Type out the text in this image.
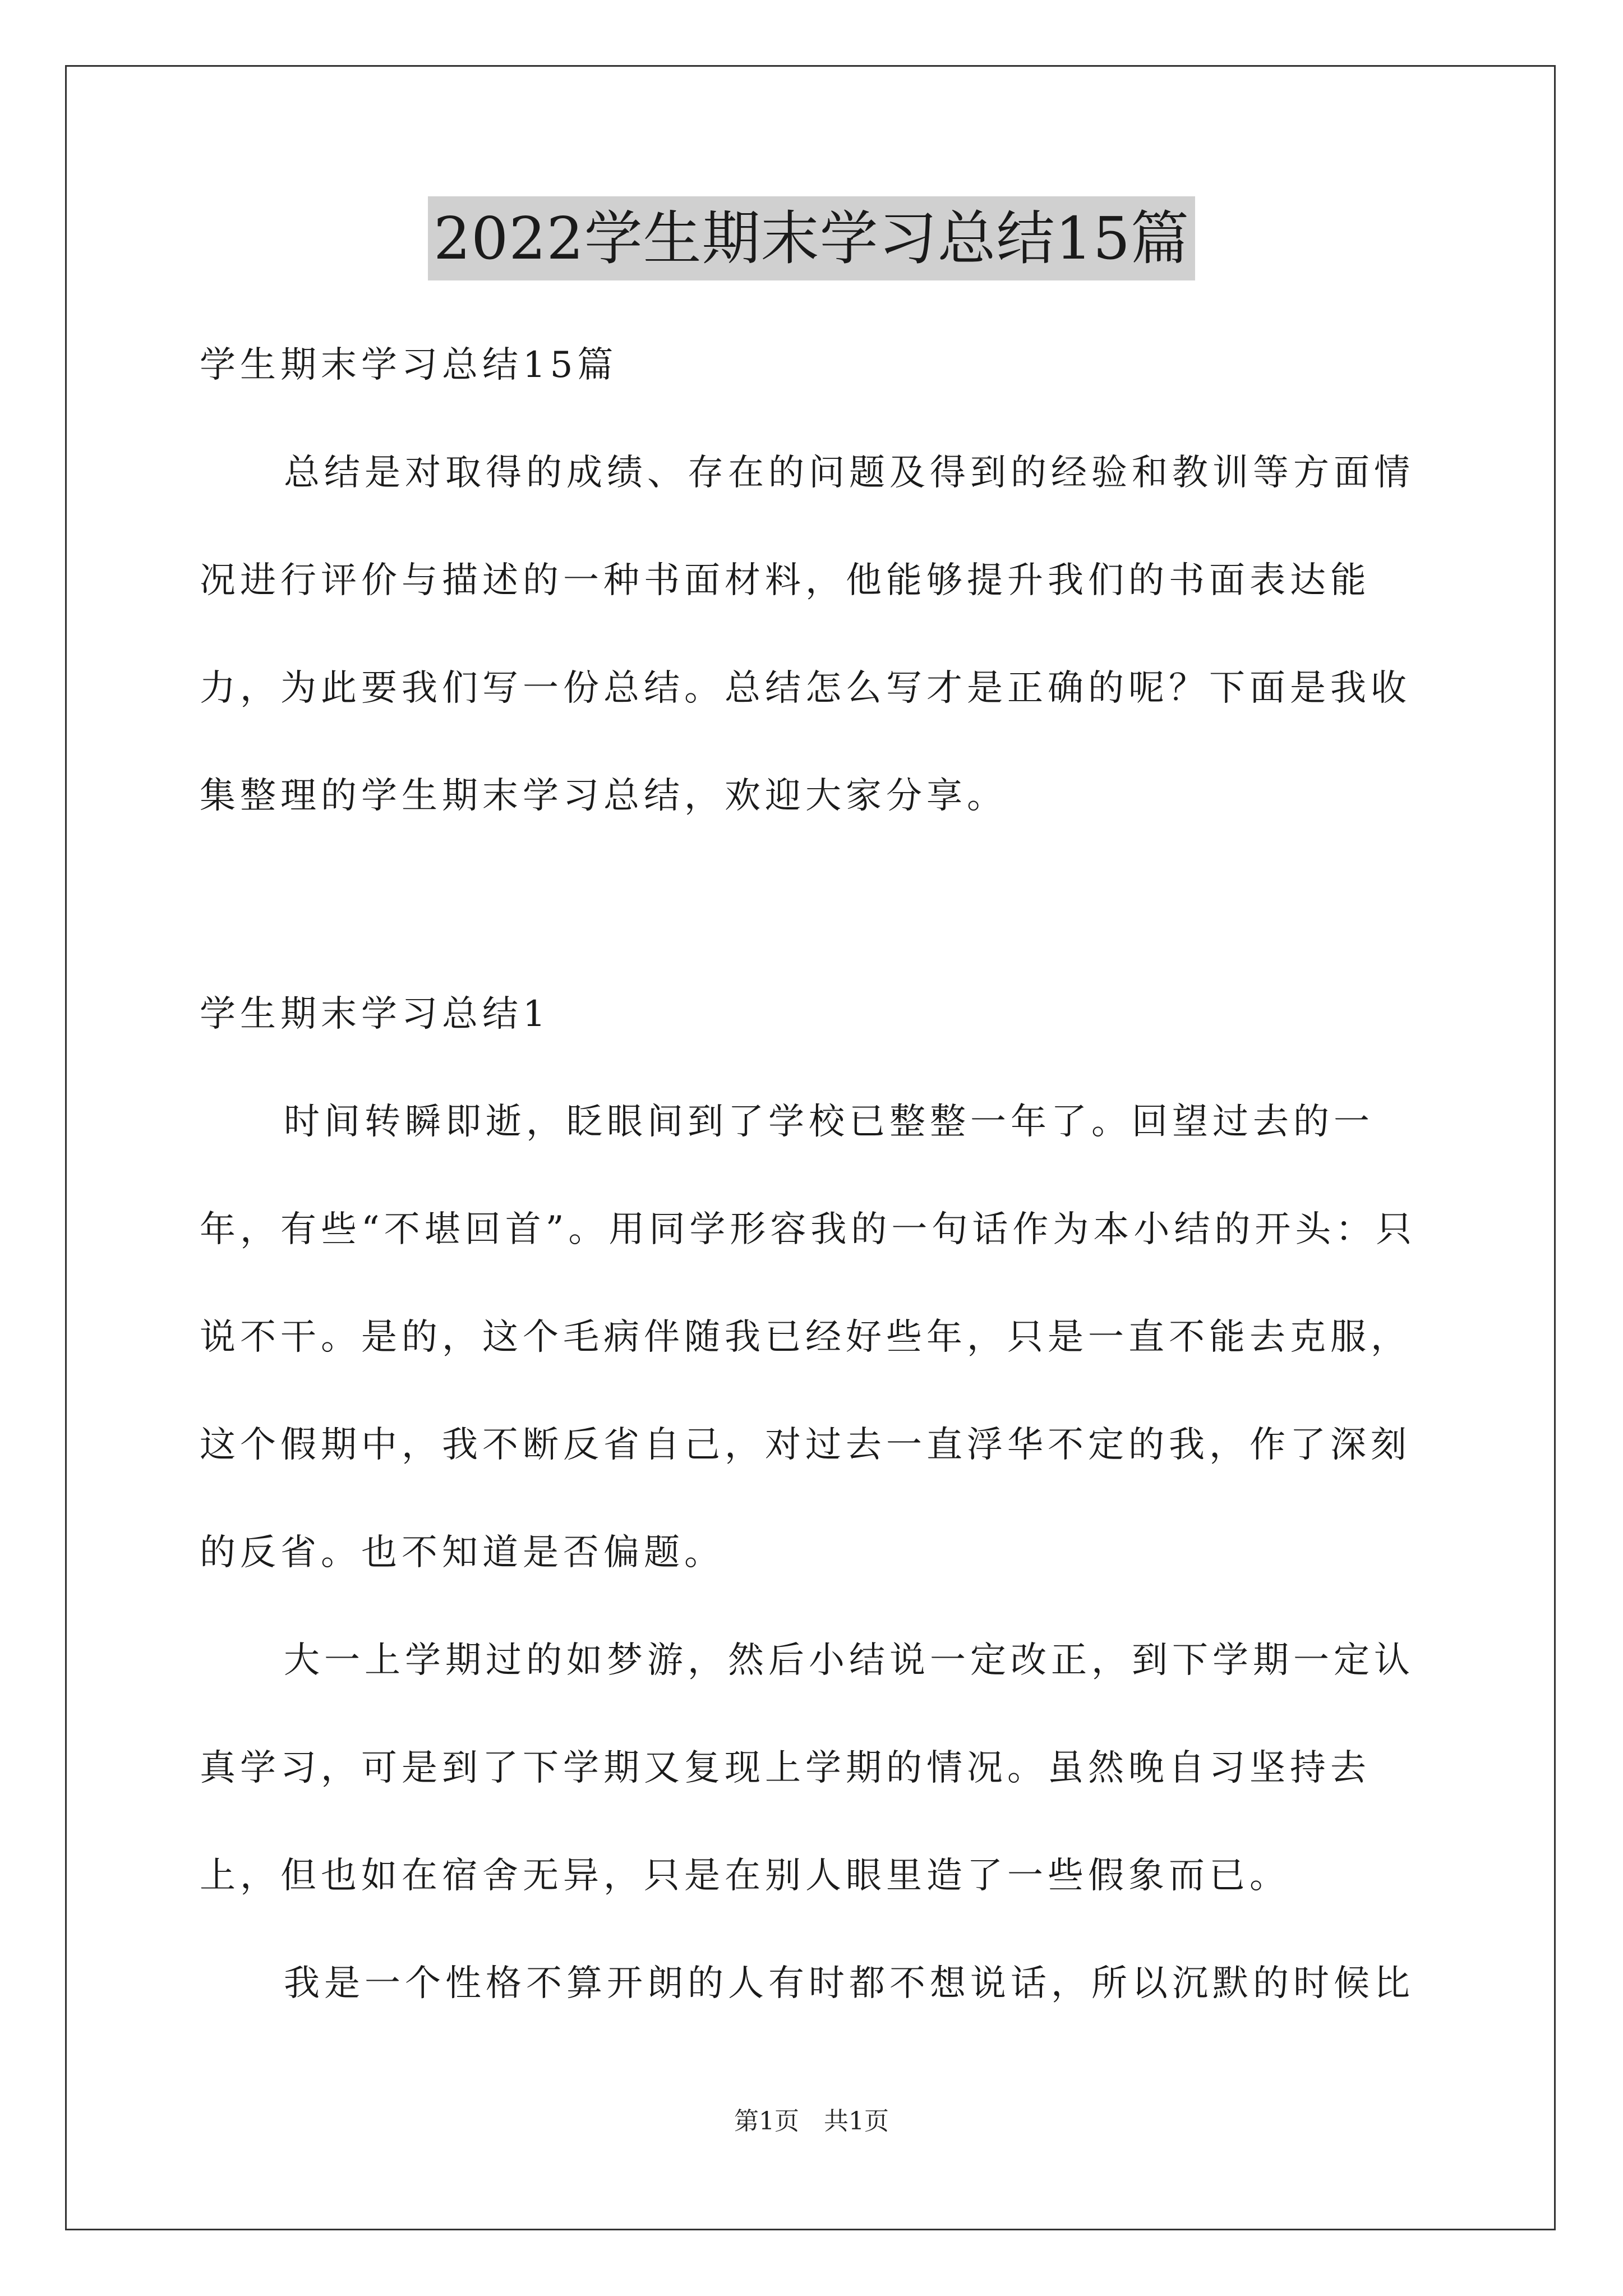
2022学生期末学习总结15篇

学生期末学习总结15篇

总结是对取得的成绩、存在的问题及得到的经验和教训等方面情况进行评价与描述的一种书面材料，他能够提升我们的书面表达能力，为此要我们写一份总结。总结怎么写才是正确的呢？下面是我收集整理的学生期末学习总结，欢迎大家分享。

学生期末学习总结1

时间转瞬即逝，眨眼间到了学校已整整一年了。回望过去的一年，有些“不堪回首”。用同学形容我的一句话作为本小结的开头：只说不干。是的，这个毛病伴随我已经好些年，只是一直不能去克服，这个假期中，我不断反省自己，对过去一直浮华不定的我，作了深刻的反省。也不知道是否偏题。

大一上学期过的如梦游，然后小结说一定改正，到下学期一定认真学习，可是到了下学期又复现上学期的情况。虽然晚自习坚持去上，但也如在宿舍无异，只是在别人眼里造了一些假象而已。

我是一个性格不算开朗的人有时都不想说话，所以沉默的时候比

第1页　共1页
